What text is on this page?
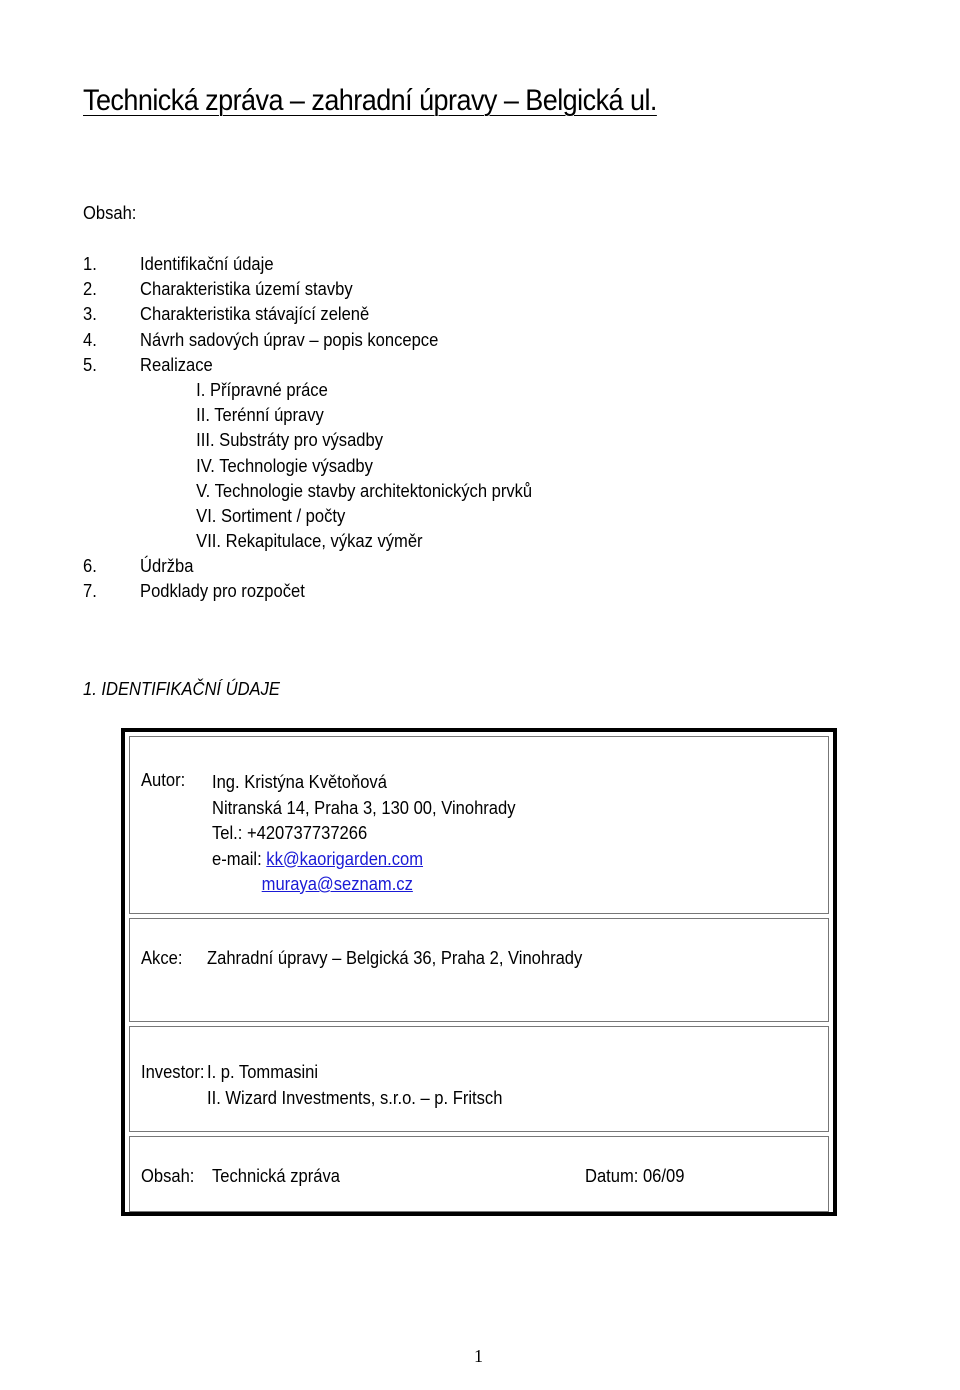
Technická zpráva – zahradní úpravy – Belgická ul.
Obsah:
1. Identifikační údaje
2. Charakteristika území stavby
3. Charakteristika stávající zeleně
4. Návrh sadových úprav – popis koncepce
5. Realizace
I. Přípravné práce
II. Terénní úpravy
III. Substráty pro výsadby
IV. Technologie výsadby
V. Technologie stavby architektonických prvků
VI. Sortiment / počty
VII. Rekapitulace, výkaz výměr
6. Údržba
7. Podklady pro rozpočet
1. IDENTIFIKAČNÍ ÚDAJE
Autor: Ing. Kristýna Květoňová
Nitranská 14, Praha 3, 130 00, Vinohrady
Tel.: +420737737266
e-mail: kk@kaorigarden.com
muraya@seznam.cz
Akce: Zahradní úpravy – Belgická 36, Praha 2, Vinohrady
Investor: I. p. Tommasini
II. Wizard Investments, s.r.o. – p. Fritsch
Obsah: Technická zpráva	Datum: 06/09
1
